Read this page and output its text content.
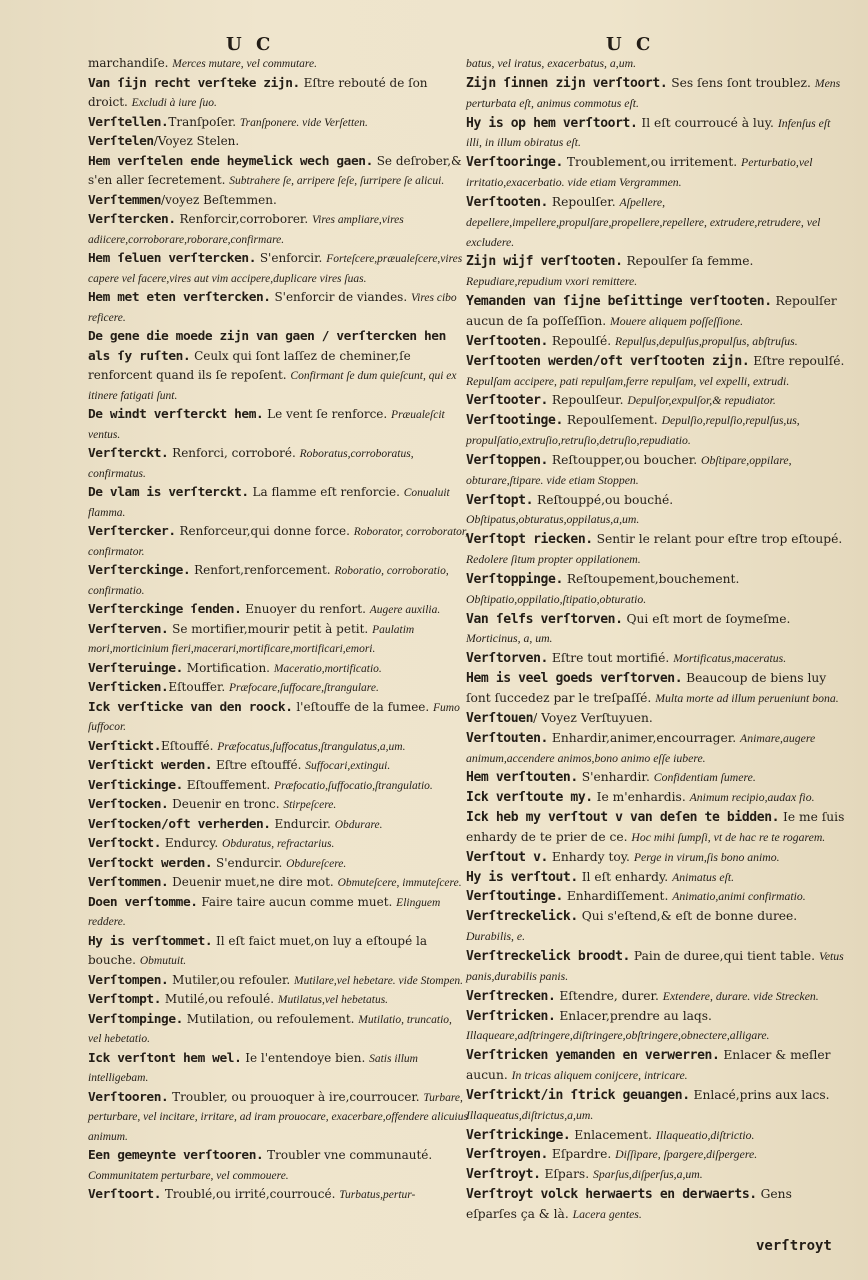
U C	U C

marchandiſe. Merces mutare, vel commutare.

Van ſijn recht verſteke zijn. Eſtre rebouté de ſon droict. Excludi à iure ſuo.

Verſtellen.Tranſpoſer. Tranſponere. vide Verſetten.

Verſtelen/Voyez Stelen.

Hem verſtelen ende heymelick wech gaen. Se deſrober,& s'en aller ſecretement. Subtrahere ſe, arripere ſeſe, ſurripere ſe alicui.

Verſtemmen/voyez Beſtemmen.

Verſtercken. Renforcir,corroborer. Vires ampliare,vires adiicere,corroborare,roborare,confirmare.

Hem ſeluen verſtercken. S'enforcir. Forteſcere,præualeſcere,vires capere vel facere,vires aut vim accipere,duplicare vires ſuas.

Hem met eten verſtercken. S'enforcir de viandes. Vires cibo reficere.

De gene die moede zijn van gaen / verſtercken hen als ſy ruſten. Ceulx qui ſont laſſez de cheminer,ſe renforcent quand ils ſe repoſent. Confirmant ſe dum quieſcunt, qui ex itinere fatigati ſunt.

De windt verſterckt hem. Le vent ſe renforce. Præualeſcit ventus.

Verſterckt. Renforci, corroboré. Roboratus,corroboratus, confirmatus.

De vlam is verſterckt. La flamme eſt renforcie. Conualuit flamma.

Verſtercker. Renforceur,qui donne force. Roborator, corroborator, confirmator.

Verſterckinge. Renfort,renforcement. Roboratio, corroboratio, confirmatio.

Verſterckinge ſenden. Enuoyer du renfort. Augere auxilia.

Verſterven. Se mortifier,mourir petit à petit. Paulatim mori,morticinium fieri,macerari,mortificare,mortificari,emori.

Verſteruinge. Mortification. Maceratio,mortificatio.

Verſticken.Eſtouffer. Præfocare,ſuffocare,ſtrangulare.

Ick verſticke van den roock. l'eſtouffe de la fumee. Fumo ſuffocor.

Verſtickt.Eſtouffé. Præfocatus,ſuffocatus,ſtrangulatus,a,um.

Verſtickt werden. Eſtre eſtouffé. Suffocari,extingui.

Verſtickinge. Eſtouffement. Præfocatio,ſuffocatio,ſtrangulatio.

Verſtocken. Deuenir en tronc. Stirpeſcere.

Verſtocken/oft verherden. Endurcir. Obdurare.

Verſtockt. Endurcy. Obduratus, refractarius.

Verſtockt werden. S'endurcir. Obdureſcere.

Verſtommen. Deuenir muet,ne dire mot. Obmuteſcere, immuteſcere.

Doen verſtomme. Faire taire aucun comme muet. Elinguem reddere.

Hy is verſtommet. Il eſt faict muet,on luy a eſtoupé la bouche. Obmutuit.

Verſtompen. Mutiler,ou refouler. Mutilare,vel hebetare. vide Stompen.

Verſtompt. Mutilé,ou refoulé. Mutilatus,vel hebetatus.

Verſtompinge. Mutilation, ou refoulement. Mutilatio, truncatio, vel hebetatio.

Ick verſtont hem wel. Ie l'entendoye bien. Satis illum intelligebam.

Verſtooren. Troubler, ou prouoquer à ire,courroucer. Turbare, perturbare, vel incitare, irritare, ad iram prouocare, exacerbare,offendere alicuius animum.

Een gemeynte verſtooren. Troubler vne communauté. Communitatem perturbare, vel commouere.

Verſtoort. Troublé,ou irrité,courroucé. Turbatus,pertur-

batus, vel iratus, exacerbatus, a,um.

Zijn ſinnen zijn verſtoort. Ses ſens ſont troublez. Mens perturbata eſt, animus commotus eſt.

Hy is op hem verſtoort. Il eſt courroucé à luy. Infenſus eſt illi, in illum obiratus eſt.

Verſtooringe. Troublement,ou irritement. Perturbatio,vel irritatio,exacerbatio. vide etiam Vergrammen.

Verſtooten. Repoulſer. Aſpellere, depellere,impellere,propulſare,propellere,repellere, extrudere,retrudere, vel excludere.

Zijn wijf verſtooten. Repoulſer ſa femme. Repudiare,repudium vxori remittere.

Yemanden van ſijne beſittinge verſtooten. Repoulſer aucun de ſa poſſeſſion. Mouere aliquem poſſeſſione.

Verſtooten. Repoulſé. Repulſus,depulſus,propulſus, abſtruſus.

Verſtooten werden/oft verſtooten zijn. Eſtre repoulſé. Repulſam accipere, pati repulſam,ferre repulſam, vel expelli, extrudi.

Verſtooter. Repoulſeur. Depulſor,expulſor,& repudiator.

Verſtootinge. Repoulſement. Depulſio,repulſio,repulſus,us, propulſatio,extruſio,retruſio,detruſio,repudiatio.

Verſtoppen. Reſtoupper,ou boucher. Obſtipare,oppilare, obturare,ſtipare. vide etiam Stoppen.

Verſtopt. Reſtouppé,ou bouché. Obſtipatus,obturatus,oppilatus,a,um.

Verſtopt riecken. Sentir le relant pour eſtre trop eſtoupé. Redolere ſitum propter oppilationem.

Verſtoppinge. Reſtoupement,bouchement. Obſtipatio,oppilatio,ſtipatio,obturatio.

Van ſelfs verſtorven. Qui eſt mort de ſoymeſme. Morticinus, a, um.

Verſtorven. Eſtre tout mortifié. Mortificatus,maceratus.

Hem is veel goeds verſtorven. Beaucoup de biens luy ſont ſuccedez par le treſpaſſé. Multa morte ad illum perueniunt bona.

Verſtouen/ Voyez Verſtuyuen.

Verſtouten. Enhardir,animer,encourrager. Animare,augere animum,accendere animos,bono animo eſſe iubere.

Hem verſtouten. S'enhardir. Confidentiam ſumere.

Ick verſtoute my. Ie m'enhardis. Animum recipio,audax fio.

Ick heb my verſtout v van deſen te bidden. Ie me ſuis enhardy de te prier de ce. Hoc mihi ſumpſi, vt de hac re te rogarem.

Verſtout v. Enhardy toy. Perge in virum,ſis bono animo.

Hy is verſtout. Il eſt enhardy. Animatus eſt.

Verſtoutinge. Enhardiſſement. Animatio,animi confirmatio.

Verſtreckelick. Qui s'eſtend,& eſt de bonne duree. Durabilis, e.

Verſtreckelick broodt. Pain de duree,qui tient table. Vetus panis,durabilis panis.

Verſtrecken. Eſtendre, durer. Extendere, durare. vide Strecken.

Verſtricken. Enlacer,prendre au laqs. Illaqueare,adſtringere,diſtringere,obſtringere,obnectere,alligare.

Verſtricken yemanden en verwerren. Enlacer & meſler aucun. In tricas aliquem conijcere, intricare.

Verſtrickt/in ſtrick geuangen. Enlacé,prins aux lacs. Illaqueatus,diſtrictus,a,um.

Verſtrickinge. Enlacement. Illaqueatio,diſtrictio.

Verſtroyen. Eſpardre. Diſſipare, ſpargere,diſpergere.

Verſtroyt. Eſpars. Sparſus,diſperſus,a,um.

Verſtroyt volck herwaerts en derwaerts. Gens eſparſes ça & là. Lacera gentes.

verſtroyt
